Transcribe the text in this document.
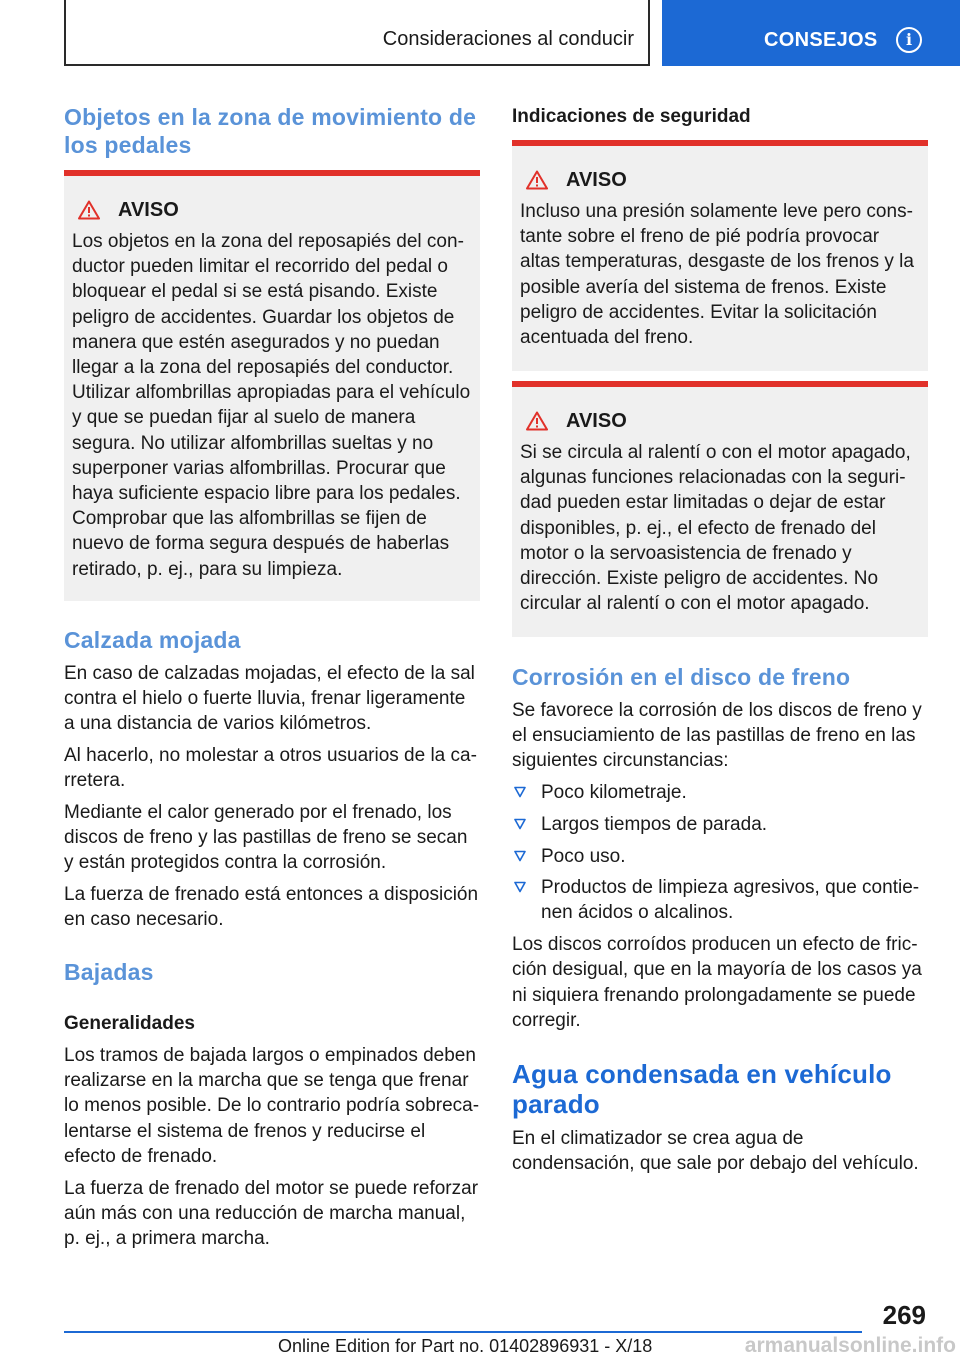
Consideraciones al conducir	CONSEJOS	i
Objetos en la zona de movimiento de los pedales
AVISO

Los objetos en la zona del reposapiés del conductor pueden limitar el recorrido del pedal o bloquear el pedal si se está pisando. Existe peligro de accidentes. Guardar los objetos de manera que estén asegurados y no puedan llegar a la zona del reposapiés del conductor. Utilizar alfombrillas apropiadas para el vehículo y que se puedan fijar al suelo de manera segura. No utilizar alfombrillas sueltas y no superponer varias alfombrillas. Procurar que haya suficiente espacio libre para los pedales. Comprobar que las alfombrillas se fijen de nuevo de forma segura después de haberlas retirado, p. ej., para su limpieza.

Calzada mojada

En caso de calzadas mojadas, el efecto de la sal contra el hielo o fuerte lluvia, frenar ligeramente a una distancia de varios kilómetros.

Al hacerlo, no molestar a otros usuarios de la carretera.

Mediante el calor generado por el frenado, los discos de freno y las pastillas de freno se secan y están protegidos contra la corrosión.

La fuerza de frenado está entonces a disposición en caso necesario.

Bajadas
Generalidades

Los tramos de bajada largos o empinados deben realizarse en la marcha que se tenga que frenar lo menos posible. De lo contrario podría sobrecalentarse el sistema de frenos y reducirse el efecto de frenado.

La fuerza de frenado del motor se puede reforzar aún más con una reducción de marcha manual, p. ej., a primera marcha.

Indicaciones de seguridad
AVISO

Incluso una presión solamente leve pero constante sobre el freno de pié podría provocar altas temperaturas, desgaste de los frenos y la posible avería del sistema de frenos. Existe peligro de accidentes. Evitar la solicitación acentuada del freno.

AVISO

Si se circula al ralentí o con el motor apagado, algunas funciones relacionadas con la seguridad pueden estar limitadas o dejar de estar disponibles, p. ej., el efecto de frenado del motor o la servoasistencia de frenado y dirección. Existe peligro de accidentes. No circular al ralentí o con el motor apagado.

Corrosión en el disco de freno

Se favorece la corrosión de los discos de freno y el ensuciamiento de las pastillas de freno en las siguientes circunstancias:

Poco kilometraje.
Largos tiempos de parada.
Poco uso.
Productos de limpieza agresivos, que contienen ácidos o alcalinos.

Los discos corroídos producen un efecto de fricción desigual, que en la mayoría de los casos ya ni siquiera frenando prolongadamente se puede corregir.

Agua condensada en vehículo parado

En el climatizador se crea agua de condensación, que sale por debajo del vehículo.

269
Online Edition for Part no. 01402896931 - X/18	armanualsonline.info
